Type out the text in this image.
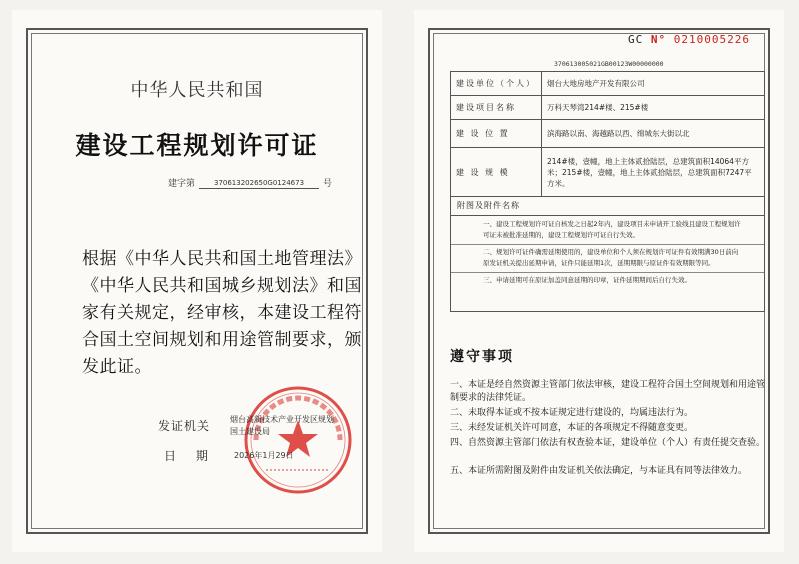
中华人民共和国
建设工程规划许可证
建字第	370613202650G0124673	号
根据《中华人民共和国土地管理法》《中华人民共和国城乡规划法》和国家有关规定，经审核，本建设工程符合国土空间规划和用途管制要求，颁发此证。
发证机关
日 期
烟台高新技术产业开发区规划国土建设局
2026年1月29日
GC N° 0210005226
370613005021GB00123W00000000
建设单位（个人）	烟台大地房地产开发有限公司
建设项目名称	万科天琴湾214#楼、215#楼
建 设 位 置	滨海路以南、海越路以西、绵城东大街以北
建 设 规 模	214#楼，壹幢，地上主体贰拾陆层，总建筑面积14064平方米；215#楼，壹幢，地上主体贰拾陆层，总建筑面积7247平方米。
附图及附件名称
一、建设工程规划许可证自核发之日起2年内，建设项目未申请开工验线且建设工程规划许可证未被批准延期的，建设工程规划许可证自行失效。
二、规划许可证件确需延期使用的，建设单位和个人须在规划许可证件有效期满30日前向原发证机关提出延期申请，证件只能延期1次，延期期限与原证件有效期限等同。
三、申请延期可在原证加盖同意延期的印章，证件延期期间后自行失效。
遵守事项
一、本证是经自然资源主管部门依法审核，建设工程符合国土空间规划和用途管制要求的法律凭证。
二、未取得本证或不按本证规定进行建设的，均属违法行为。
三、未经发证机关许可同意，本证的各项规定不得随意变更。
四、自然资源主管部门依法有权查验本证，建设单位（个人）有责任提交查验。
五、本证所需附图及附件由发证机关依法确定，与本证具有同等法律效力。
